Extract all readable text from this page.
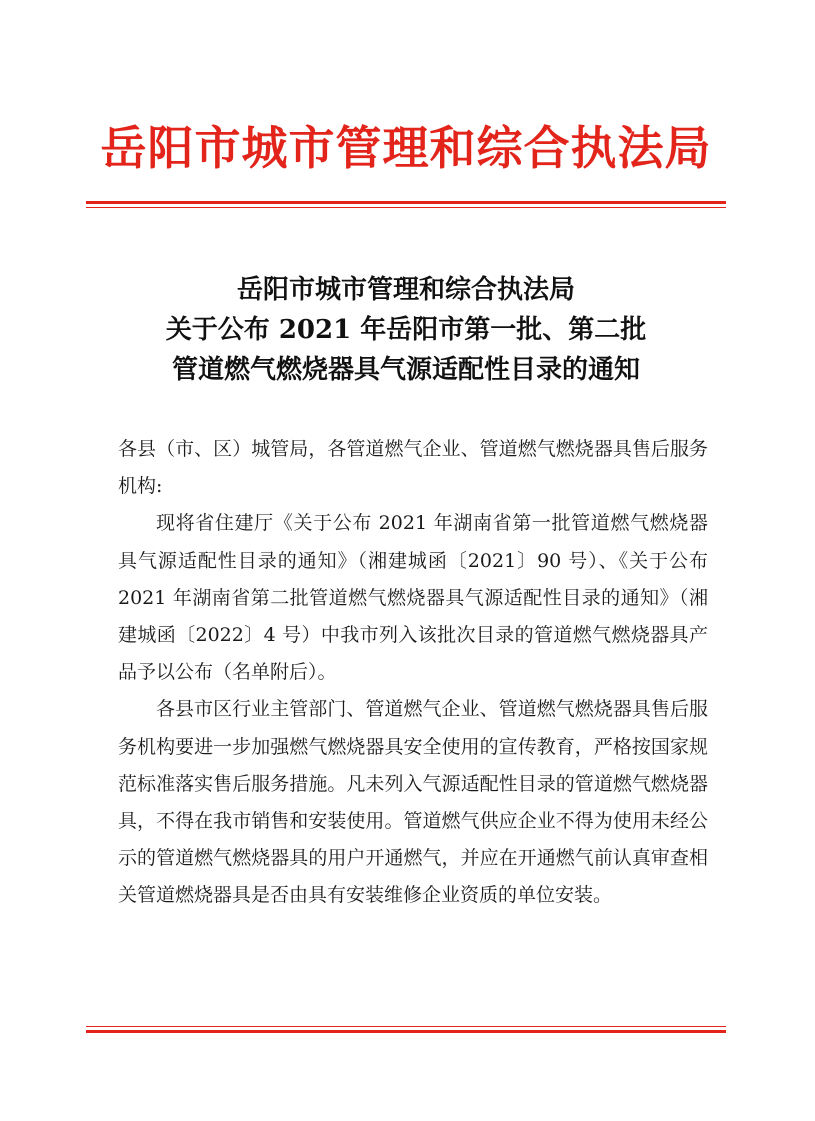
岳阳市城市管理和综合执法局
岳阳市城市管理和综合执法局
关于公布 2021 年岳阳市第一批、第二批
管道燃气燃烧器具气源适配性目录的通知

各县（市、区）城管局，各管道燃气企业、管道燃气燃烧器具售后服务机构:

现将省住建厅《关于公布 2021 年湖南省第一批管道燃气燃烧器具气源适配性目录的通知》（湘建城函〔2021〕90 号）、《关于公布 2021 年湖南省第二批管道燃气燃烧器具气源适配性目录的通知》（湘建城函〔2022〕4 号）中我市列入该批次目录的管道燃气燃烧器具产品予以公布（名单附后）。

各县市区行业主管部门、管道燃气企业、管道燃气燃烧器具售后服务机构要进一步加强燃气燃烧器具安全使用的宣传教育，严格按国家规范标准落实售后服务措施。凡未列入气源适配性目录的管道燃气燃烧器具，不得在我市销售和安装使用。管道燃气供应企业不得为使用未经公示的管道燃气燃烧器具的用户开通燃气，并应在开通燃气前认真审查相关管道燃烧器具是否由具有安装维修企业资质的单位安装。
